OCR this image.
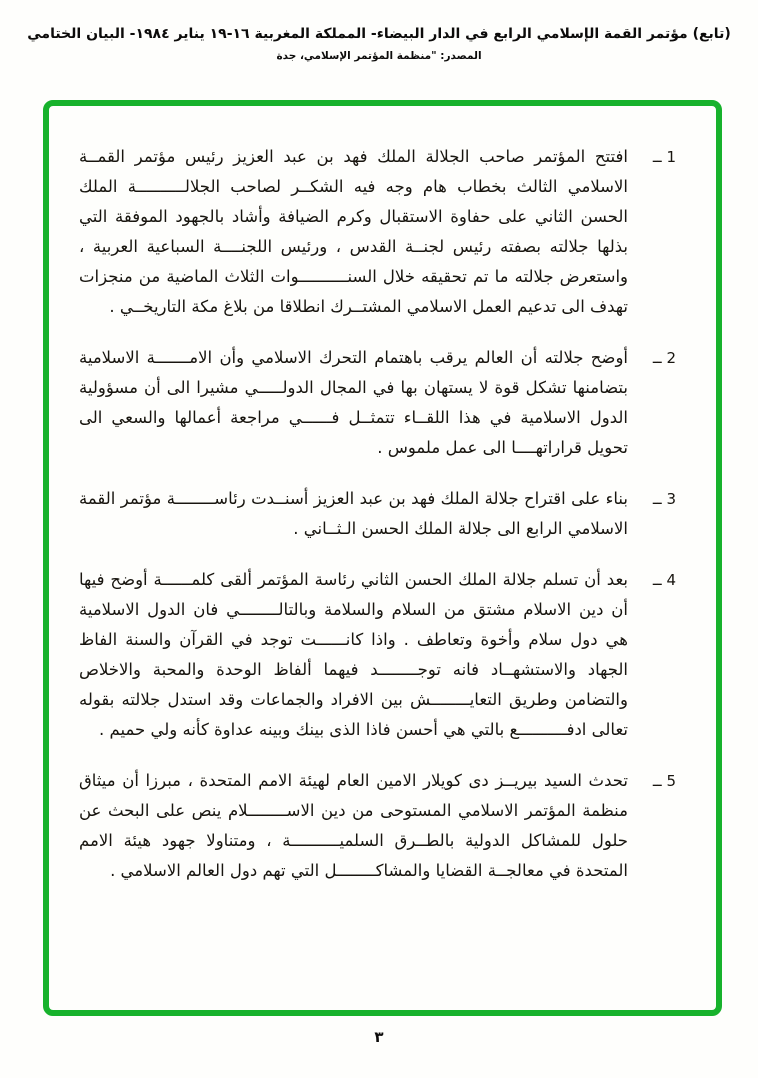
(تابع) مؤتمر القمة الإسلامي الرابع في الدار البيضاء- المملكة المغربية ⁦١٦-١٩⁩ يناير ١٩٨٤- البيان الختامي
المصدر: "منظمة المؤتمر الإسلامي، جدة
1 ــ
افتتح المؤتمر صاحب الجلالة الملك فهد بن عبد العزيز رئيس مؤتمر القمــة الاسلامي الثالث بخطاب هام وجه فيه الشكــر لصاحب الجلالــــــــــة الملك الحسن الثاني على حفاوة الاستقبال وكرم الضيافة وأشاد بالجهود الموفقة التي بذلها جلالته بصفته رئيس لجنــة القدس ، ورئيس اللجنــــة السباعية العربية ، واستعرض جلالته ما تم تحقيقه خلال السنــــــــــوات الثلاث الماضية من منجزات تهدف الى تدعيم العمل الاسلامي المشتــرك انطلاقا من بلاغ مكة التاريخــي .
2 ــ
أوضح جلالته أن العالم يرقب باهتمام التحرك الاسلامي وأن الامـــــــة الاسلامية بتضامنها تشكل قوة لا يستهان بها في المجال الدولـــــي مشيرا الى أن مسؤولية الدول الاسلامية في هذا اللقــاء تتمثــل فــــــي مراجعة أعمالها والسعي الى تحويل قراراتهــــا الى عمل ملموس .
3 ــ
بناء على اقتراح جلالة الملك فهد بن عبد العزيز أسنــدت رئاســــــــة مؤتمر القمة الاسلامي الرابع الى جلالة الملك الحسن الـثــاني .
4 ــ
بعد أن تسلم جلالة الملك الحسن الثاني رئاسة المؤتمر ألقى كلمــــــة أوضح فيها أن دين الاسلام مشتق من السلام والسلامة وبالتالــــــــي فان الدول الاسلامية هي دول سلام وأخوة وتعاطف . واذا كانــــــت توجد في القرآن والسنة الفاظ الجهاد والاستشهــاد فانه توجــــــــد فيهما ألفاظ الوحدة والمحبة والاخلاص والتضامن وطريق التعايــــــــش بين الافراد والجماعات وقد استدل جلالته بقوله تعالى ادفــــــــــع بالتي هي أحسن فاذا الذى بينك وبينه عداوة كأنه ولي حميم .
5 ــ
تحدث السيد بيريــز دى كويلار الامين العام لهيئة الامم المتحدة ، مبرزا أن ميثاق منظمة المؤتمر الاسلامي المستوحى من دين الاســــــــلام ينص على البحث عن حلول للمشاكل الدولية بالطــرق السلميــــــــــة ، ومتناولا جهود هيئة الامم المتحدة في معالجــة القضايا والمشاكــــــــل التي تهم دول العالم الاسلامي .
٣
